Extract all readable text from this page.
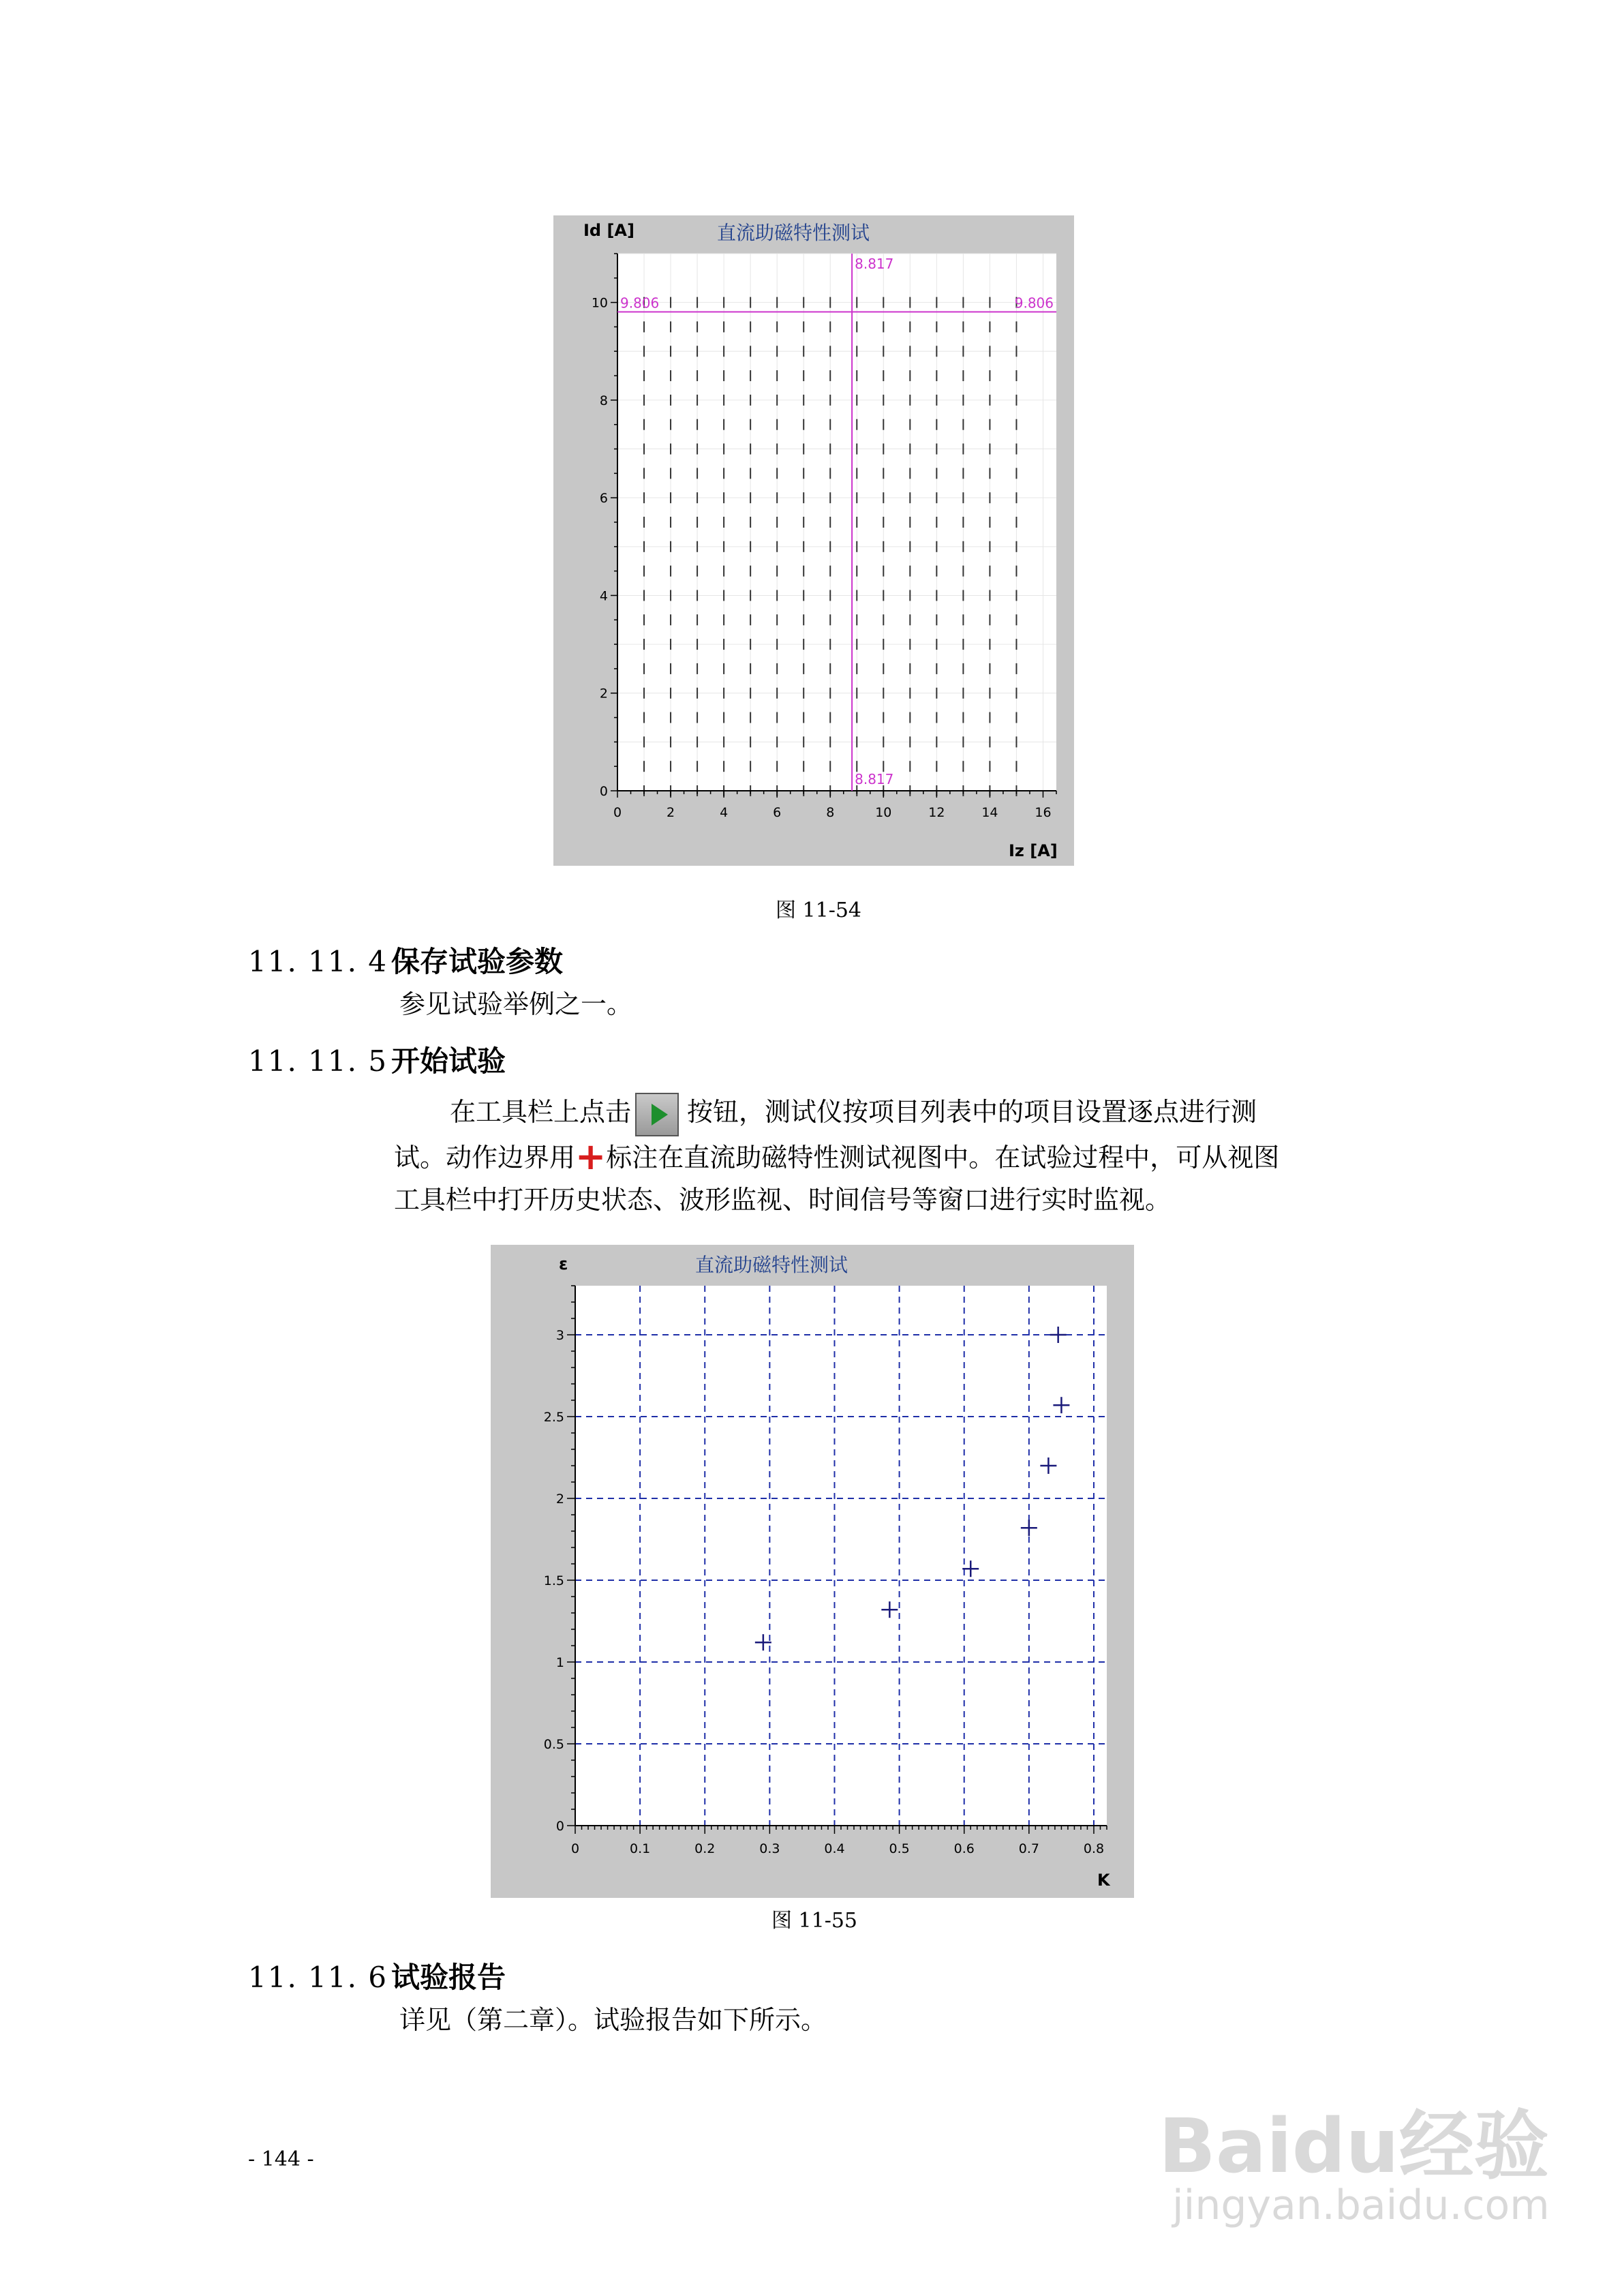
Id [A]	直流助磁特性测试
Iz [A]
0	2	4	6	8	10	12	14	16
0
2
4
6
8
10
8.817
8.817
9.806	9.806
图 11-54
11. 11. 4 保存试验参数
参见试验举例之一。
11. 11. 5 开始试验
在工具栏上点击 按钮，测试仪按项目列表中的项目设置逐点进行测
试。动作边界用+标注在直流助磁特性测试视图中。在试验过程中，可从视图
工具栏中打开历史状态、波形监视、时间信号等窗口进行实时监视。
ε	直流助磁特性测试
K
0	0.1	0.2	0.3	0.4	0.5	0.6	0.7	0.8
0
0.5
1
1.5
2
2.5
3
图 11-55
11. 11. 6 试验报告
详见（第二章）。试验报告如下所示。
- 144 -	Baidu经验
jingyan.baidu.com
